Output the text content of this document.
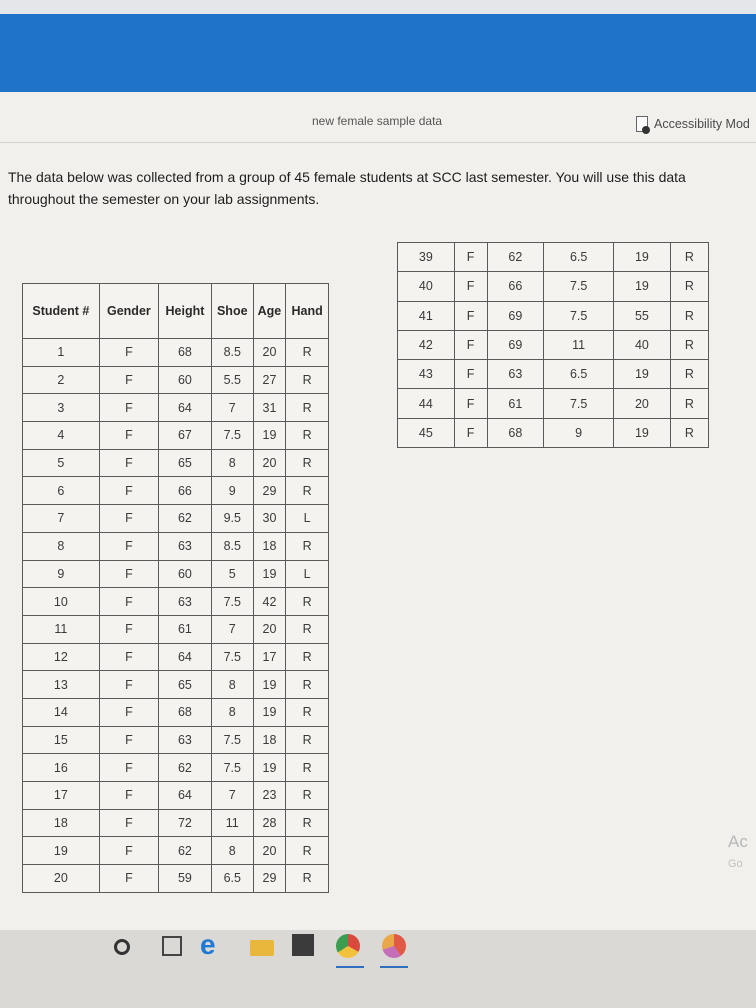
new female sample data	Accessibility Mod
The data below was collected from a group of 45 female students at SCC last semester. You will use this data throughout the semester on your lab assignments.
Student #	Gender	Height	Shoe	Age	Hand
1	F	68	8.5	20	R
2	F	60	5.5	27	R
3	F	64	7	31	R
4	F	67	7.5	19	R
5	F	65	8	20	R
6	F	66	9	29	R
7	F	62	9.5	30	L
8	F	63	8.5	18	R
9	F	60	5	19	L
10	F	63	7.5	42	R
11	F	61	7	20	R
12	F	64	7.5	17	R
13	F	65	8	19	R
14	F	68	8	19	R
15	F	63	7.5	18	R
16	F	62	7.5	19	R
17	F	64	7	23	R
18	F	72	11	28	R
19	F	62	8	20	R
20	F	59	6.5	29	R
39	F	62	6.5	19	R
40	F	66	7.5	19	R
41	F	69	7.5	55	R
42	F	69	11	40	R
43	F	63	6.5	19	R
44	F	61	7.5	20	R
45	F	68	9	19	R
Ac
Go
e
